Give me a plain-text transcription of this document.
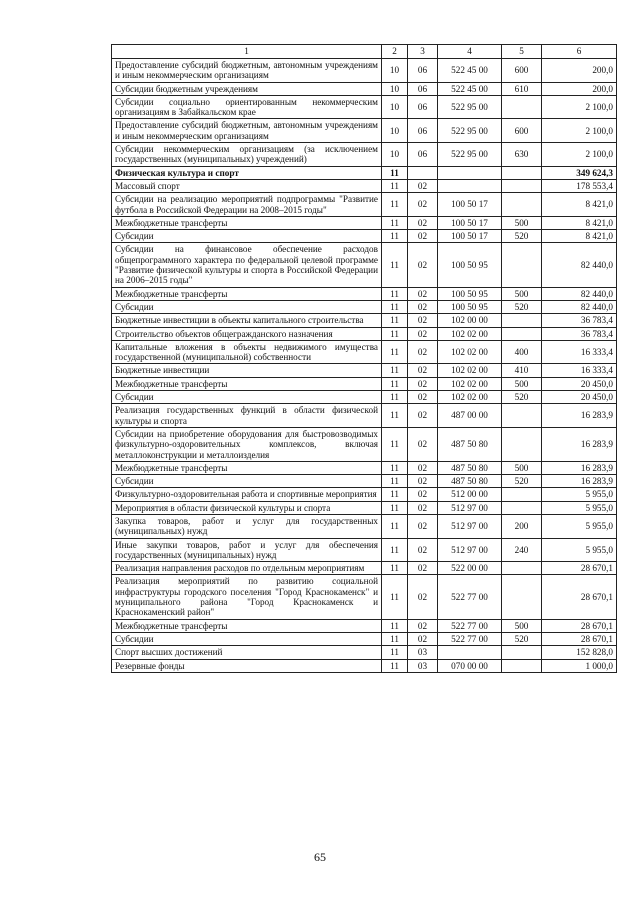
1	2	3	4	5	6
Предоставление субсидий бюджетным, автономным учреждениям и иным некоммерческим организациям	10	06	522 45 00	600	200,0
Субсидии бюджетным учреждениям	10	06	522 45 00	610	200,0
Субсидии социально ориентированным некоммерческим организациям в Забайкальском крае	10	06	522 95 00		2 100,0
Предоставление субсидий бюджетным, автономным учреждениям и иным некоммерческим организациям	10	06	522 95 00	600	2 100,0
Субсидии некоммерческим организациям (за исключением государственных (муниципальных) учреждений)	10	06	522 95 00	630	2 100,0
Физическая культура и спорт	11				349 624,3
Массовый спорт	11	02			178 553,4
Субсидии на реализацию мероприятий подпрограммы "Развитие футбола в Российской Федерации на 2008–2015 годы"	11	02	100 50 17		8 421,0
Межбюджетные трансферты	11	02	100 50 17	500	8 421,0
Субсидии	11	02	100 50 17	520	8 421,0
Субсидии на финансовое обеспечение расходов общепрограммного характера по федеральной целевой программе "Развитие физической культуры и спорта в Российской Федерации на 2006–2015 годы"	11	02	100 50 95		82 440,0
Межбюджетные трансферты	11	02	100 50 95	500	82 440,0
Субсидии	11	02	100 50 95	520	82 440,0
Бюджетные инвестиции в объекты капитального строительства	11	02	102 00 00		36 783,4
Строительство объектов общегражданского назначения	11	02	102 02 00		36 783,4
Капитальные вложения в объекты недвижимого имущества государственной (муниципальной) собственности	11	02	102 02 00	400	16 333,4
Бюджетные инвестиции	11	02	102 02 00	410	16 333,4
Межбюджетные трансферты	11	02	102 02 00	500	20 450,0
Субсидии	11	02	102 02 00	520	20 450,0
Реализация государственных функций в области физической культуры и спорта	11	02	487 00 00		16 283,9
Субсидии на приобретение оборудования для быстровозводимых физкультурно-оздоровительных комплексов, включая металлоконструкции и металлоизделия	11	02	487 50 80		16 283,9
Межбюджетные трансферты	11	02	487 50 80	500	16 283,9
Субсидии	11	02	487 50 80	520	16 283,9
Физкультурно-оздоровительная работа и спортивные мероприятия	11	02	512 00 00		5 955,0
Мероприятия в области физической культуры и спорта	11	02	512 97 00		5 955,0
Закупка товаров, работ и услуг для государственных (муниципальных) нужд	11	02	512 97 00	200	5 955,0
Иные закупки товаров, работ и услуг для обеспечения государственных (муниципальных) нужд	11	02	512 97 00	240	5 955,0
Реализация направления расходов по отдельным мероприятиям	11	02	522 00 00		28 670,1
Реализация мероприятий по развитию социальной инфраструктуры городского поселения "Город Краснокаменск" и муниципального района "Город Краснокаменск и Краснокаменский район"	11	02	522 77 00		28 670,1
Межбюджетные трансферты	11	02	522 77 00	500	28 670,1
Субсидии	11	02	522 77 00	520	28 670,1
Спорт высших достижений	11	03			152 828,0
Резервные фонды	11	03	070 00 00		1 000,0
65
